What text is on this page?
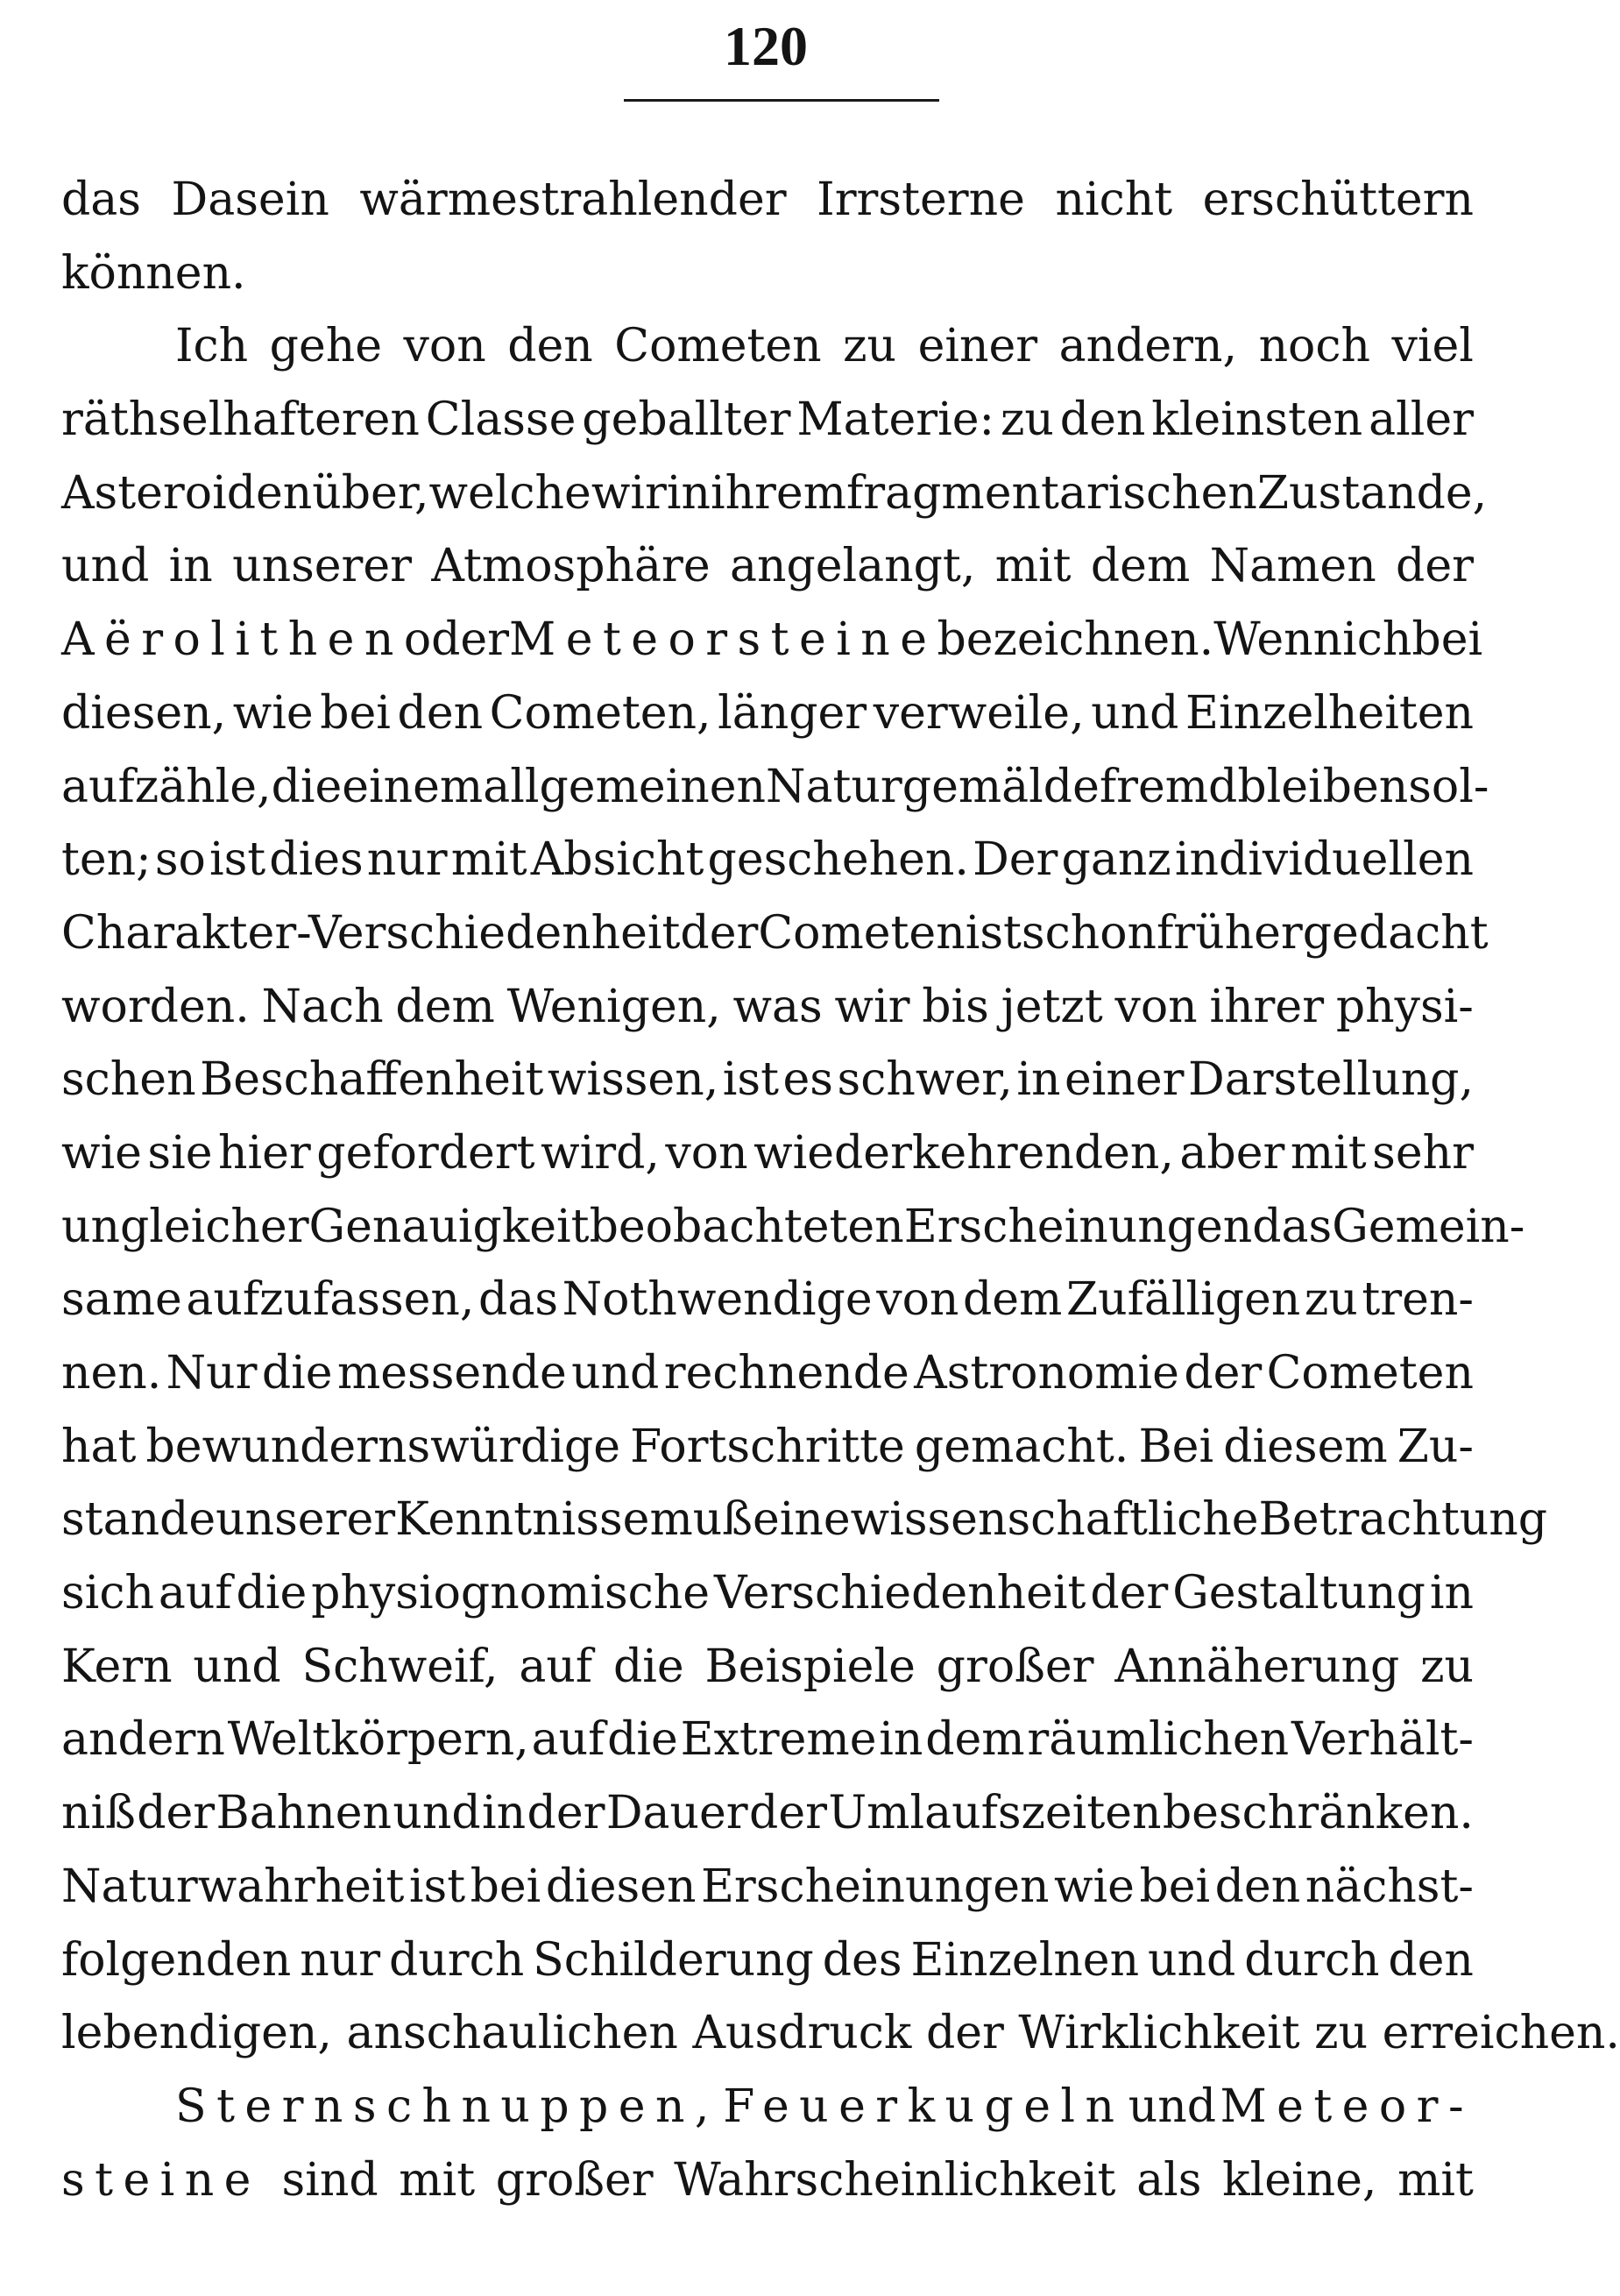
120
das Dasein wärmestrahlender Irrsterne nicht erschüttern
können.
Ich gehe von den Cometen zu einer andern, noch viel
räthselhafteren Classe geballter Materie: zu den kleinsten aller
Asteroiden über, welche wir in ihrem fragmentarischen Zustande,
und in unserer Atmosphäre angelangt, mit dem Namen der
Aërolithen oder Meteorsteine bezeichnen. Wenn ich bei
diesen, wie bei den Cometen, länger verweile, und Einzelheiten
aufzähle, die einem allgemeinen Naturgemälde fremd bleiben sol-
ten; so ist dies nur mit Absicht geschehen. Der ganz individuellen
Charakter-Verschiedenheit der Cometen ist schon früher gedacht
worden. Nach dem Wenigen, was wir bis jetzt von ihrer physi-
schen Beschaffenheit wissen, ist es schwer, in einer Darstellung,
wie sie hier gefordert wird, von wiederkehrenden, aber mit sehr
ungleicher Genauigkeit beobachteten Erscheinungen das Gemein-
same aufzufassen, das Nothwendige von dem Zufälligen zu tren-
nen. Nur die messende und rechnende Astronomie der Cometen
hat bewundernswürdige Fortschritte gemacht. Bei diesem Zu-
stande unserer Kenntnisse muß eine wissenschaftliche Betrachtung
sich auf die physiognomische Verschiedenheit der Gestaltung in
Kern und Schweif, auf die Beispiele großer Annäherung zu
andern Weltkörpern, auf die Extreme in dem räumlichen Verhält-
niß der Bahnen und in der Dauer der Umlaufszeiten beschränken.
Naturwahrheit ist bei diesen Erscheinungen wie bei den nächst-
folgenden nur durch Schilderung des Einzelnen und durch den
lebendigen,
anschaulichen
Ausdruck
der
Wirklichkeit
zu
erreichen.
Sternschnuppen, Feuerkugeln und Meteor-
steine sind mit großer Wahrscheinlichkeit als kleine, mit
